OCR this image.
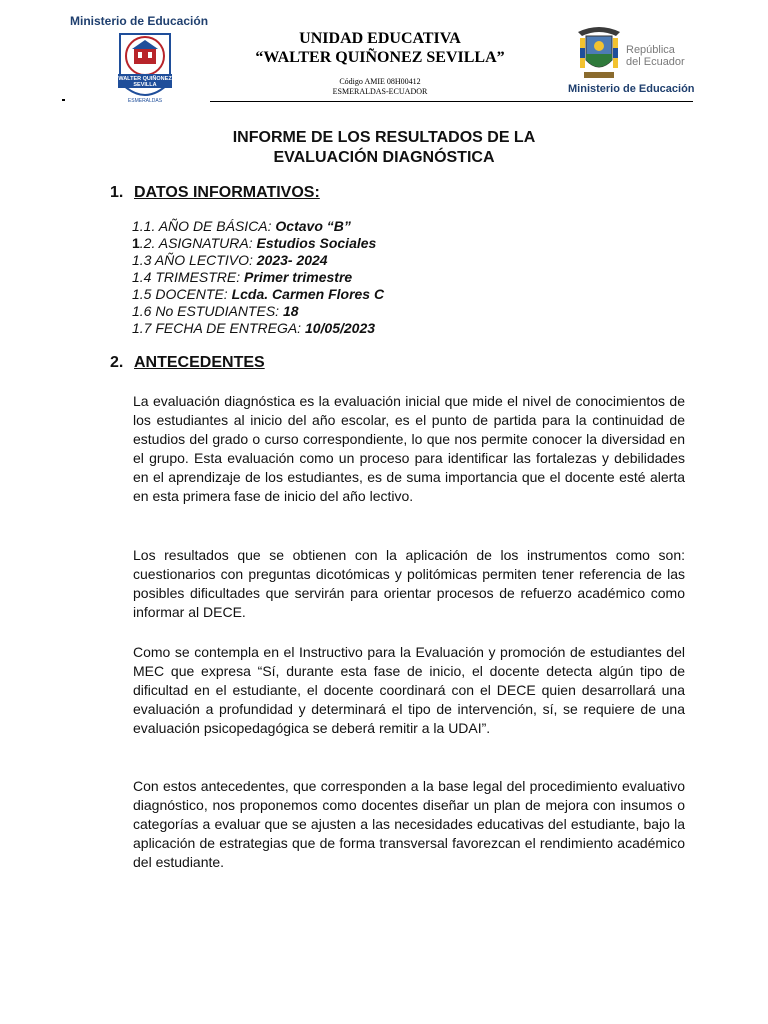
Ministerio de Educación
WALTER QUIÑONEZ
SEVILLA
ESMERALDAS
UNIDAD EDUCATIVA
“WALTER QUIÑONEZ SEVILLA”
Código AMIE 08H00412
ESMERALDAS-ECUADOR
República
del Ecuador
Ministerio de Educación
INFORME DE LOS RESULTADOS DE LA
EVALUACIÓN DIAGNÓSTICA
1. DATOS INFORMATIVOS:
1.1. AÑO DE BÁSICA: Octavo “B”
1.2. ASIGNATURA: Estudios Sociales
1.3 AÑO LECTIVO: 2023- 2024
1.4 TRIMESTRE: Primer trimestre
1.5 DOCENTE: Lcda. Carmen Flores C
1.6 No ESTUDIANTES: 18
1.7 FECHA DE ENTREGA: 10/05/2023
2. ANTECEDENTES
La evaluación diagnóstica es la evaluación inicial que mide el nivel de conocimientos de los estudiantes al inicio del año escolar, es el punto de partida para la continuidad de estudios del grado o curso correspondiente, lo que nos permite conocer la diversidad en el grupo. Esta evaluación como un proceso para identificar las fortalezas y debilidades en el aprendizaje de los estudiantes, es de suma importancia que el docente esté alerta en esta primera fase de inicio del año lectivo.
Los resultados que se obtienen con la aplicación de los instrumentos como son: cuestionarios con preguntas dicotómicas y politómicas permiten tener referencia de las posibles dificultades que servirán para orientar procesos de refuerzo académico como informar al DECE.
Como se contempla en el Instructivo para la Evaluación y promoción de estudiantes del MEC que expresa “Sí, durante esta fase de inicio, el docente detecta algún tipo de dificultad en el estudiante, el docente coordinará con el DECE quien desarrollará una evaluación a profundidad y determinará el tipo de intervención, sí, se requiere de una evaluación psicopedagógica se deberá remitir a la UDAI”.
Con estos antecedentes, que corresponden a la base legal del procedimiento evaluativo diagnóstico, nos proponemos como docentes diseñar un plan de mejora con insumos o categorías a evaluar que se ajusten a las necesidades educativas del estudiante, bajo la aplicación de estrategias que de forma transversal favorezcan el rendimiento académico del estudiante.
